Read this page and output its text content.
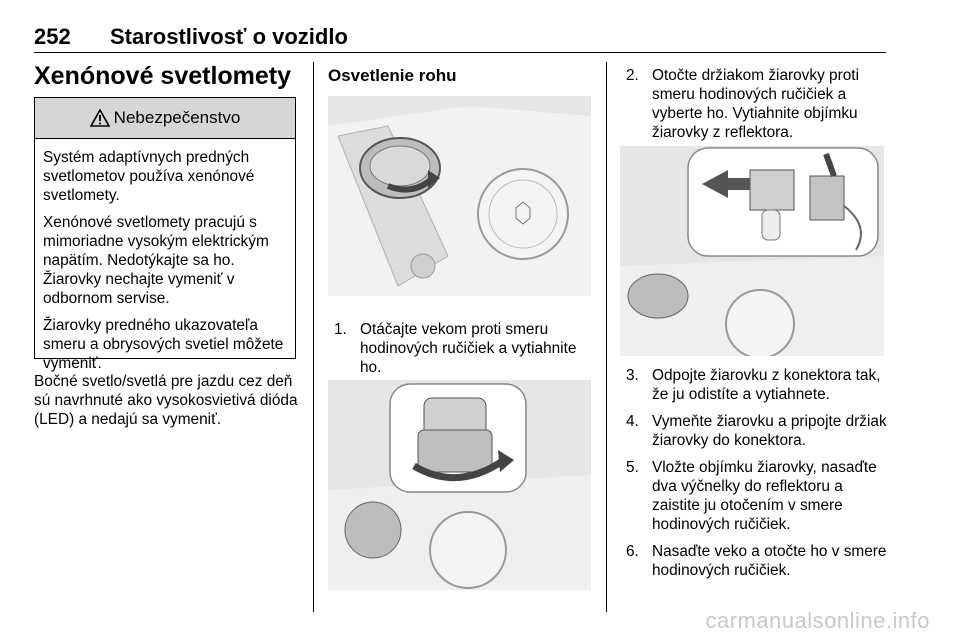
252 Starostlivosť o vozidlo
Xenónové svetlomety
Nebezpečenstvo

Systém adaptívnych predných svetlometov používa xenónové svetlomety.

Xenónové svetlomety pracujú s mimoriadne vysokým elektrickým napätím. Nedotýkajte sa ho. Žiarovky nechajte vymeniť v odbornom servise.

Žiarovky predného ukazovateľa smeru a obrysových svetiel môžete vymeniť.

Bočné svetlo/svetlá pre jazdu cez deň sú navrhnuté ako vysokosvietivá dióda (LED) a nedajú sa vymeniť.
Osvetlenie rohu
1. Otáčajte vekom proti smeru hodinových ručičiek a vytiahnite ho.
2. Otočte držiakom žiarovky proti smeru hodinových ručičiek a vyberte ho. Vytiahnite objímku žiarovky z reflektora.
3. Odpojte žiarovku z konektora tak, že ju odistíte a vytiahnete.
4. Vymeňte žiarovku a pripojte držiak žiarovky do konektora.
5. Vložte objímku žiarovky, nasaďte dva výčnelky do reflektoru a zaistite ju otočením v smere hodinových ručičiek.
6. Nasaďte veko a otočte ho v smere hodinových ručičiek.
carmanualsonline.info
